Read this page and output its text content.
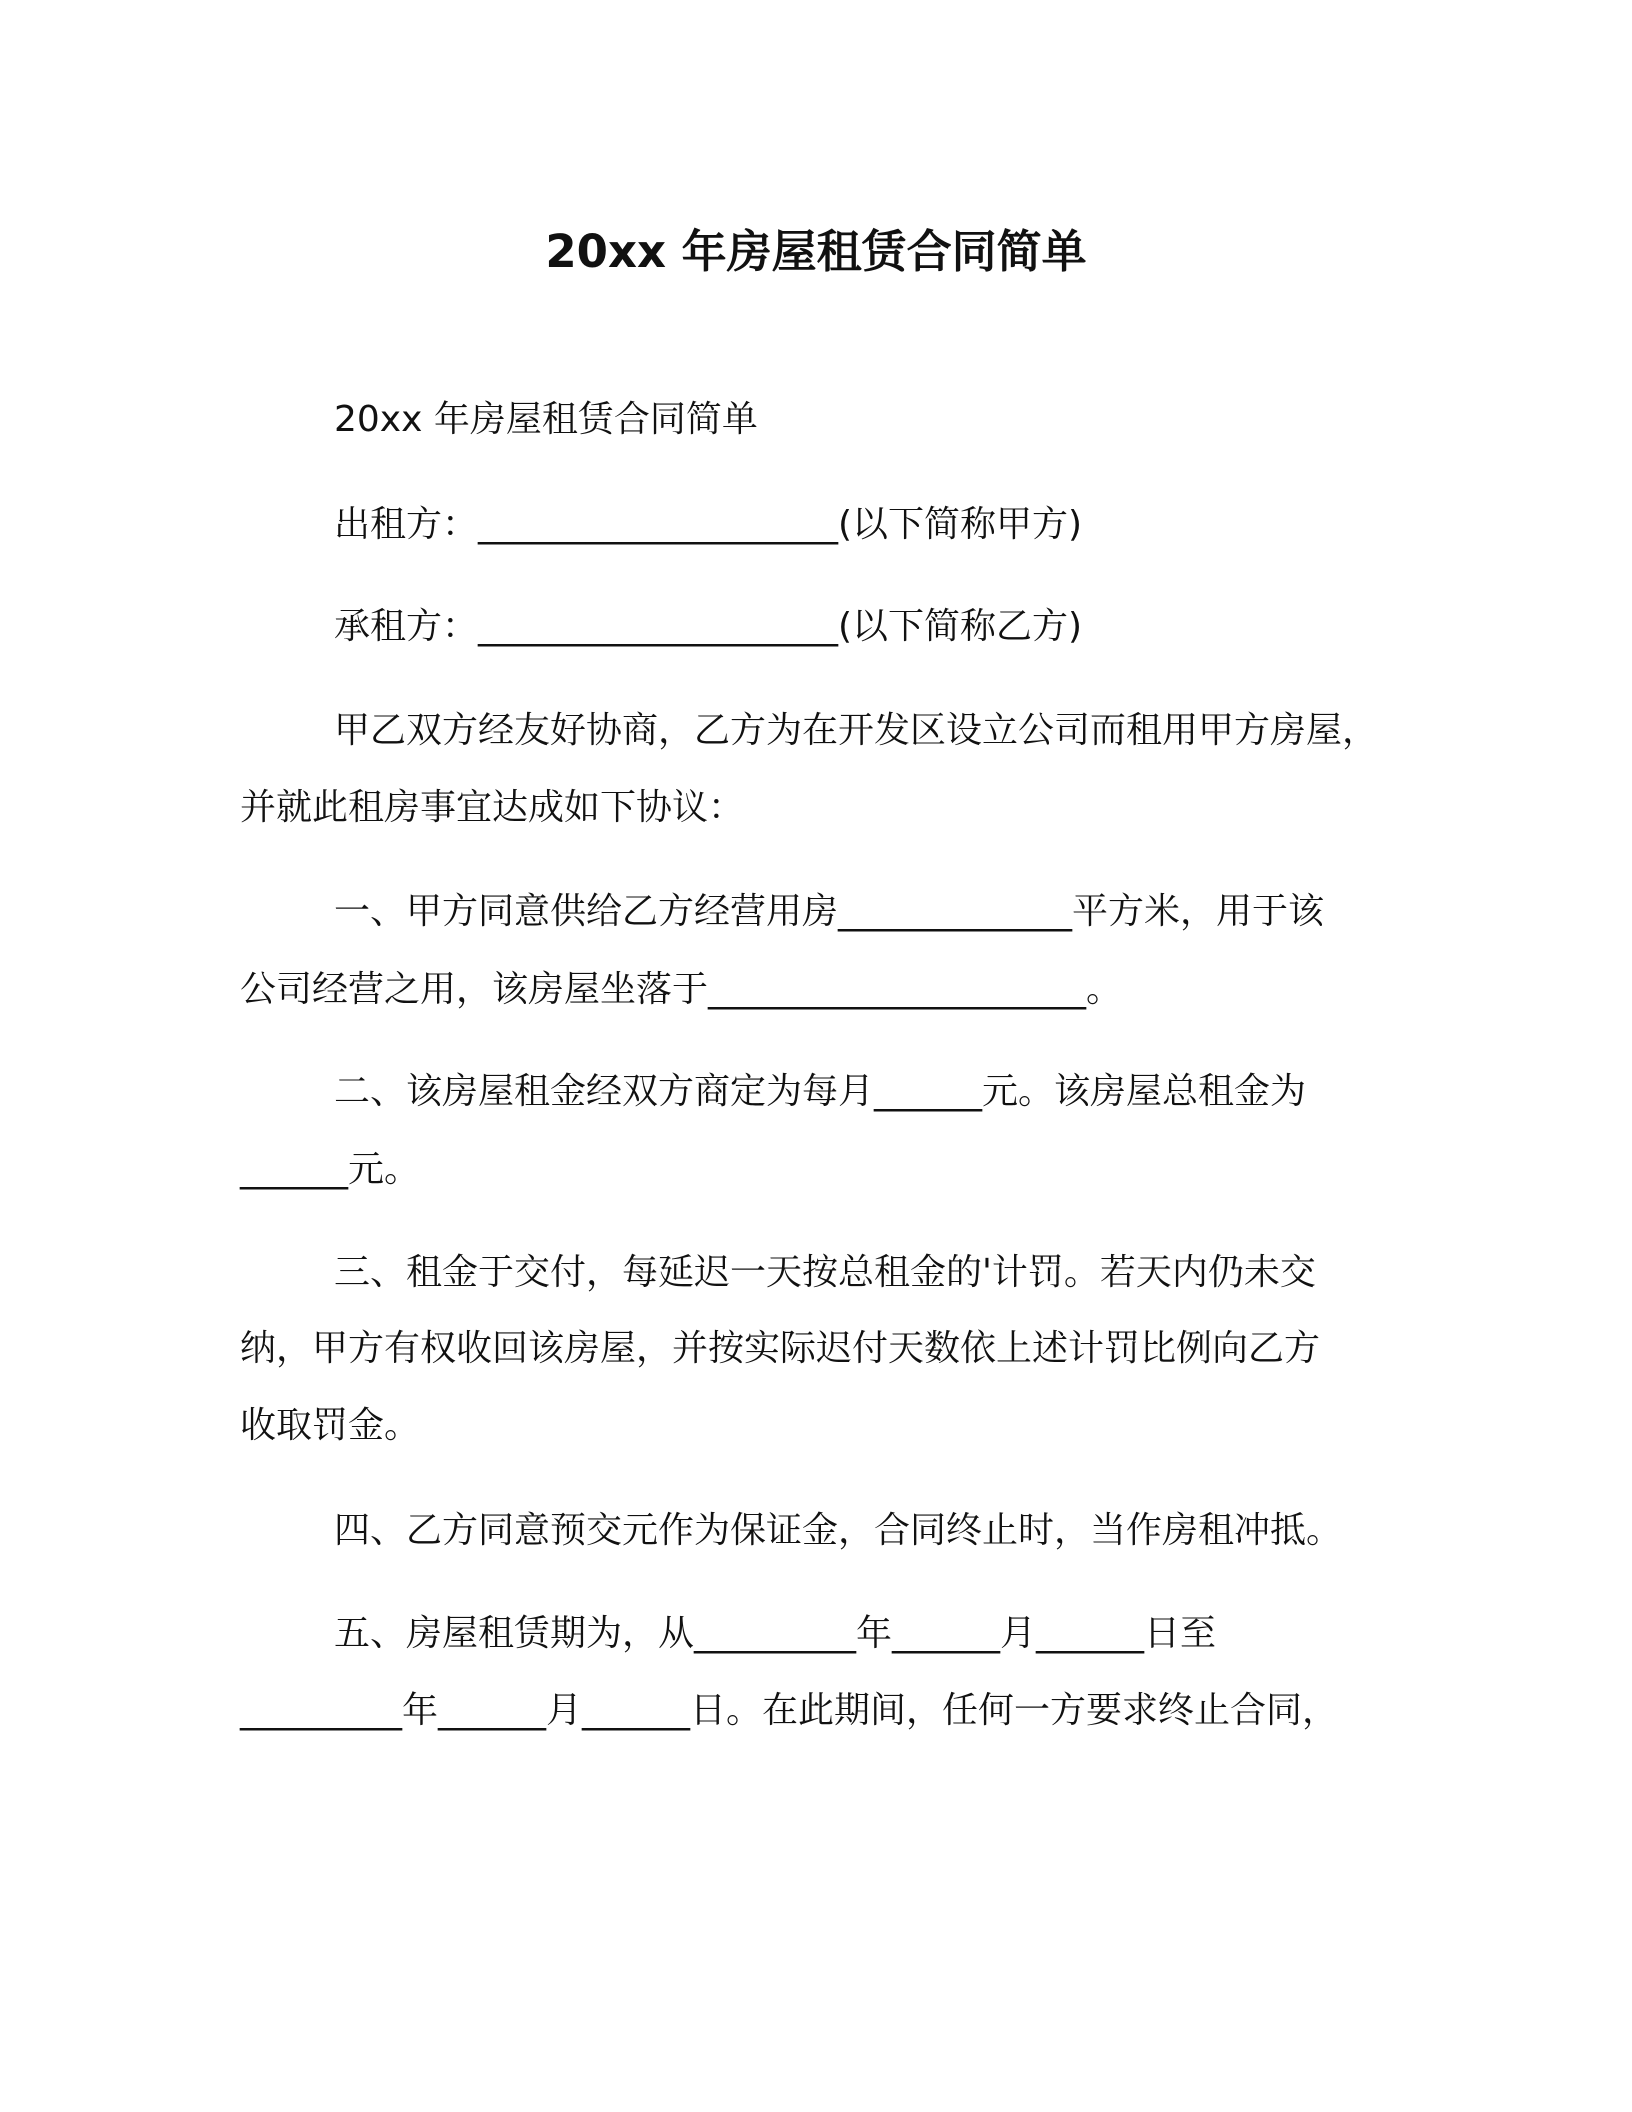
20xx 年房屋租赁合同简单
20xx 年房屋租赁合同简单
出租方：____________________(以下简称甲方)
承租方：____________________(以下简称乙方)
甲乙双方经友好协商，乙方为在开发区设立公司而租用甲方房屋，
并就此租房事宜达成如下协议：
一、甲方同意供给乙方经营用房_____________平方米，用于该
公司经营之用，该房屋坐落于_____________________。
二、该房屋租金经双方商定为每月______元。该房屋总租金为
______元。
三、租金于交付，每延迟一天按总租金的'计罚。若天内仍未交
纳，甲方有权收回该房屋，并按实际迟付天数依上述计罚比例向乙方
收取罚金。
四、乙方同意预交元作为保证金，合同终止时，当作房租冲抵。
五、房屋租赁期为，从_________年______月______日至
_________年______月______日。在此期间，任何一方要求终止合同，
